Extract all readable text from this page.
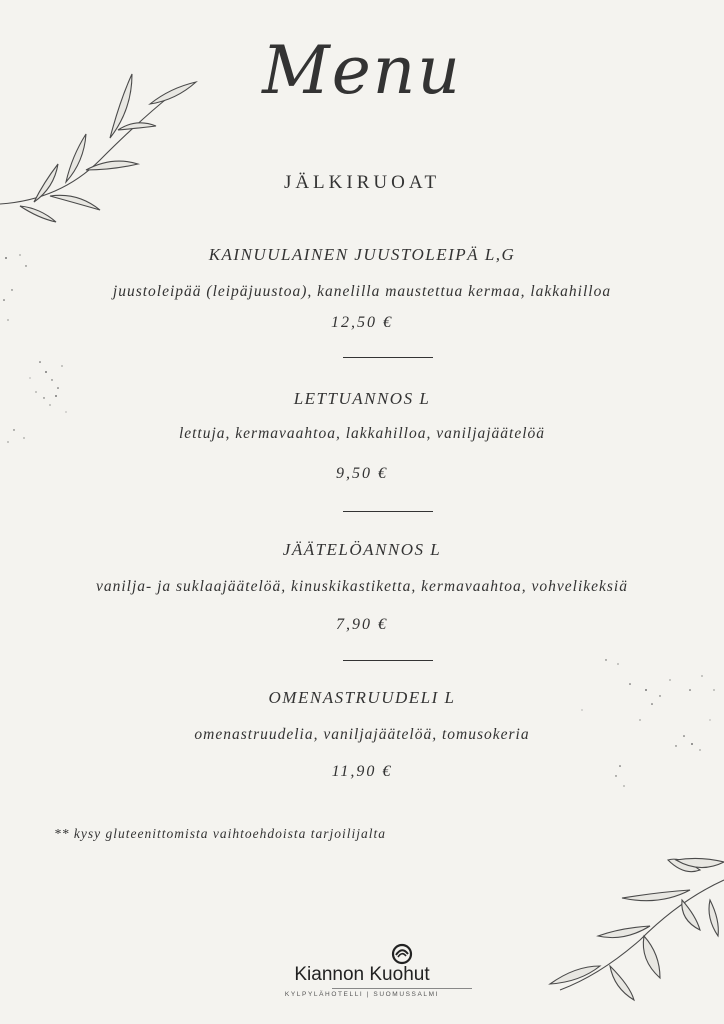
Menu
JÄLKIRUOAT
KAINUULAINEN JUUSTOLEIPÄ L,G
juustoleipää (leipäjuustoa), kanelilla maustettua kermaa, lakkahilloa
12,50 €
LETTUANNOS L
lettuja, kermavaahtoa, lakkahilloa, vaniljajäätelöä
9,50 €
JÄÄTELÖANNOS L
vanilja- ja suklaajäätelöä, kinuskikastiketta, kermavaahtoa, vohvelikeksiä
7,90 €
OMENASTRUUDELI L
omenastruudelia, vaniljajäätelöä, tomusokeria
11,90 €
** kysy gluteenittomista vaihtoehdoista tarjoilijalta
Kiannon Kuohut
KYLPYLÄHOTELLI | SUOMUSSALMI
